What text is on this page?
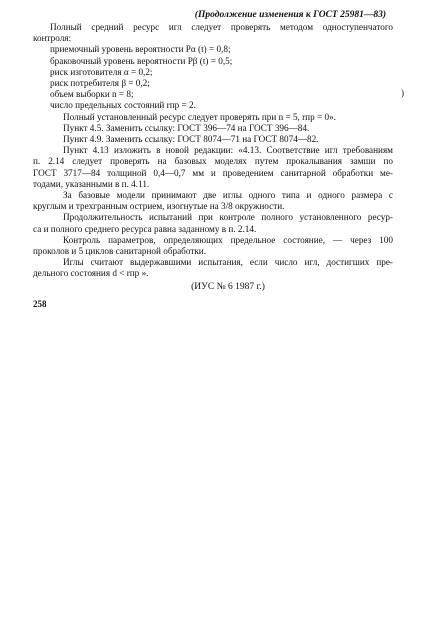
(Продолжение изменения к ГОСТ 25981—83)
Полный средний ресурс игл следует проверять методом одноступенчатого
контроля:
приемочный уровень вероятности Pα (t) = 0,8;
браковочный уровень вероятности Pβ (t) = 0,5;
риск изготовителя α = 0,2;
риск потребителя β = 0,2;
объем выборки n = 8;
число предельных состояний rпр = 2.
Полный установленный ресурс следует проверять при n = 5, rпр = 0».
Пункт 4.5. Заменить ссылку: ГОСТ 396—74 на ГОСТ 396—84.
Пункт 4.9. Заменить ссылку: ГОСТ 8074—71 на ГОСТ 8074—82.
Пункт 4.13 изложить в новой редакции: «4.13. Соответствие игл требованиям
п. 2.14 следует проверять на базовых моделях путем прокалывания замши по
ГОСТ 3717—84 толщиной 0,4—0,7 мм и проведением санитарной обработки ме-
тодами, указанными в п. 4.11.
За базовые модели принимают две иглы одного типа и одного размера с
круглым и трехгранным острием, изогнутые на 3/8 окружности.
Продолжительность испытаний при контроле полного установленного ресур-
са и полного среднего ресурса равна заданному в п. 2.14.
Контроль параметров, определяющих предельное состояние, — через 100
проколов и 5 циклов санитарной обработки.
Иглы считают выдержавшими испытания, если число игл, достигших пре-
дельного состояния d < rпр ».
)
(ИУС № 6 1987 г.)
258
